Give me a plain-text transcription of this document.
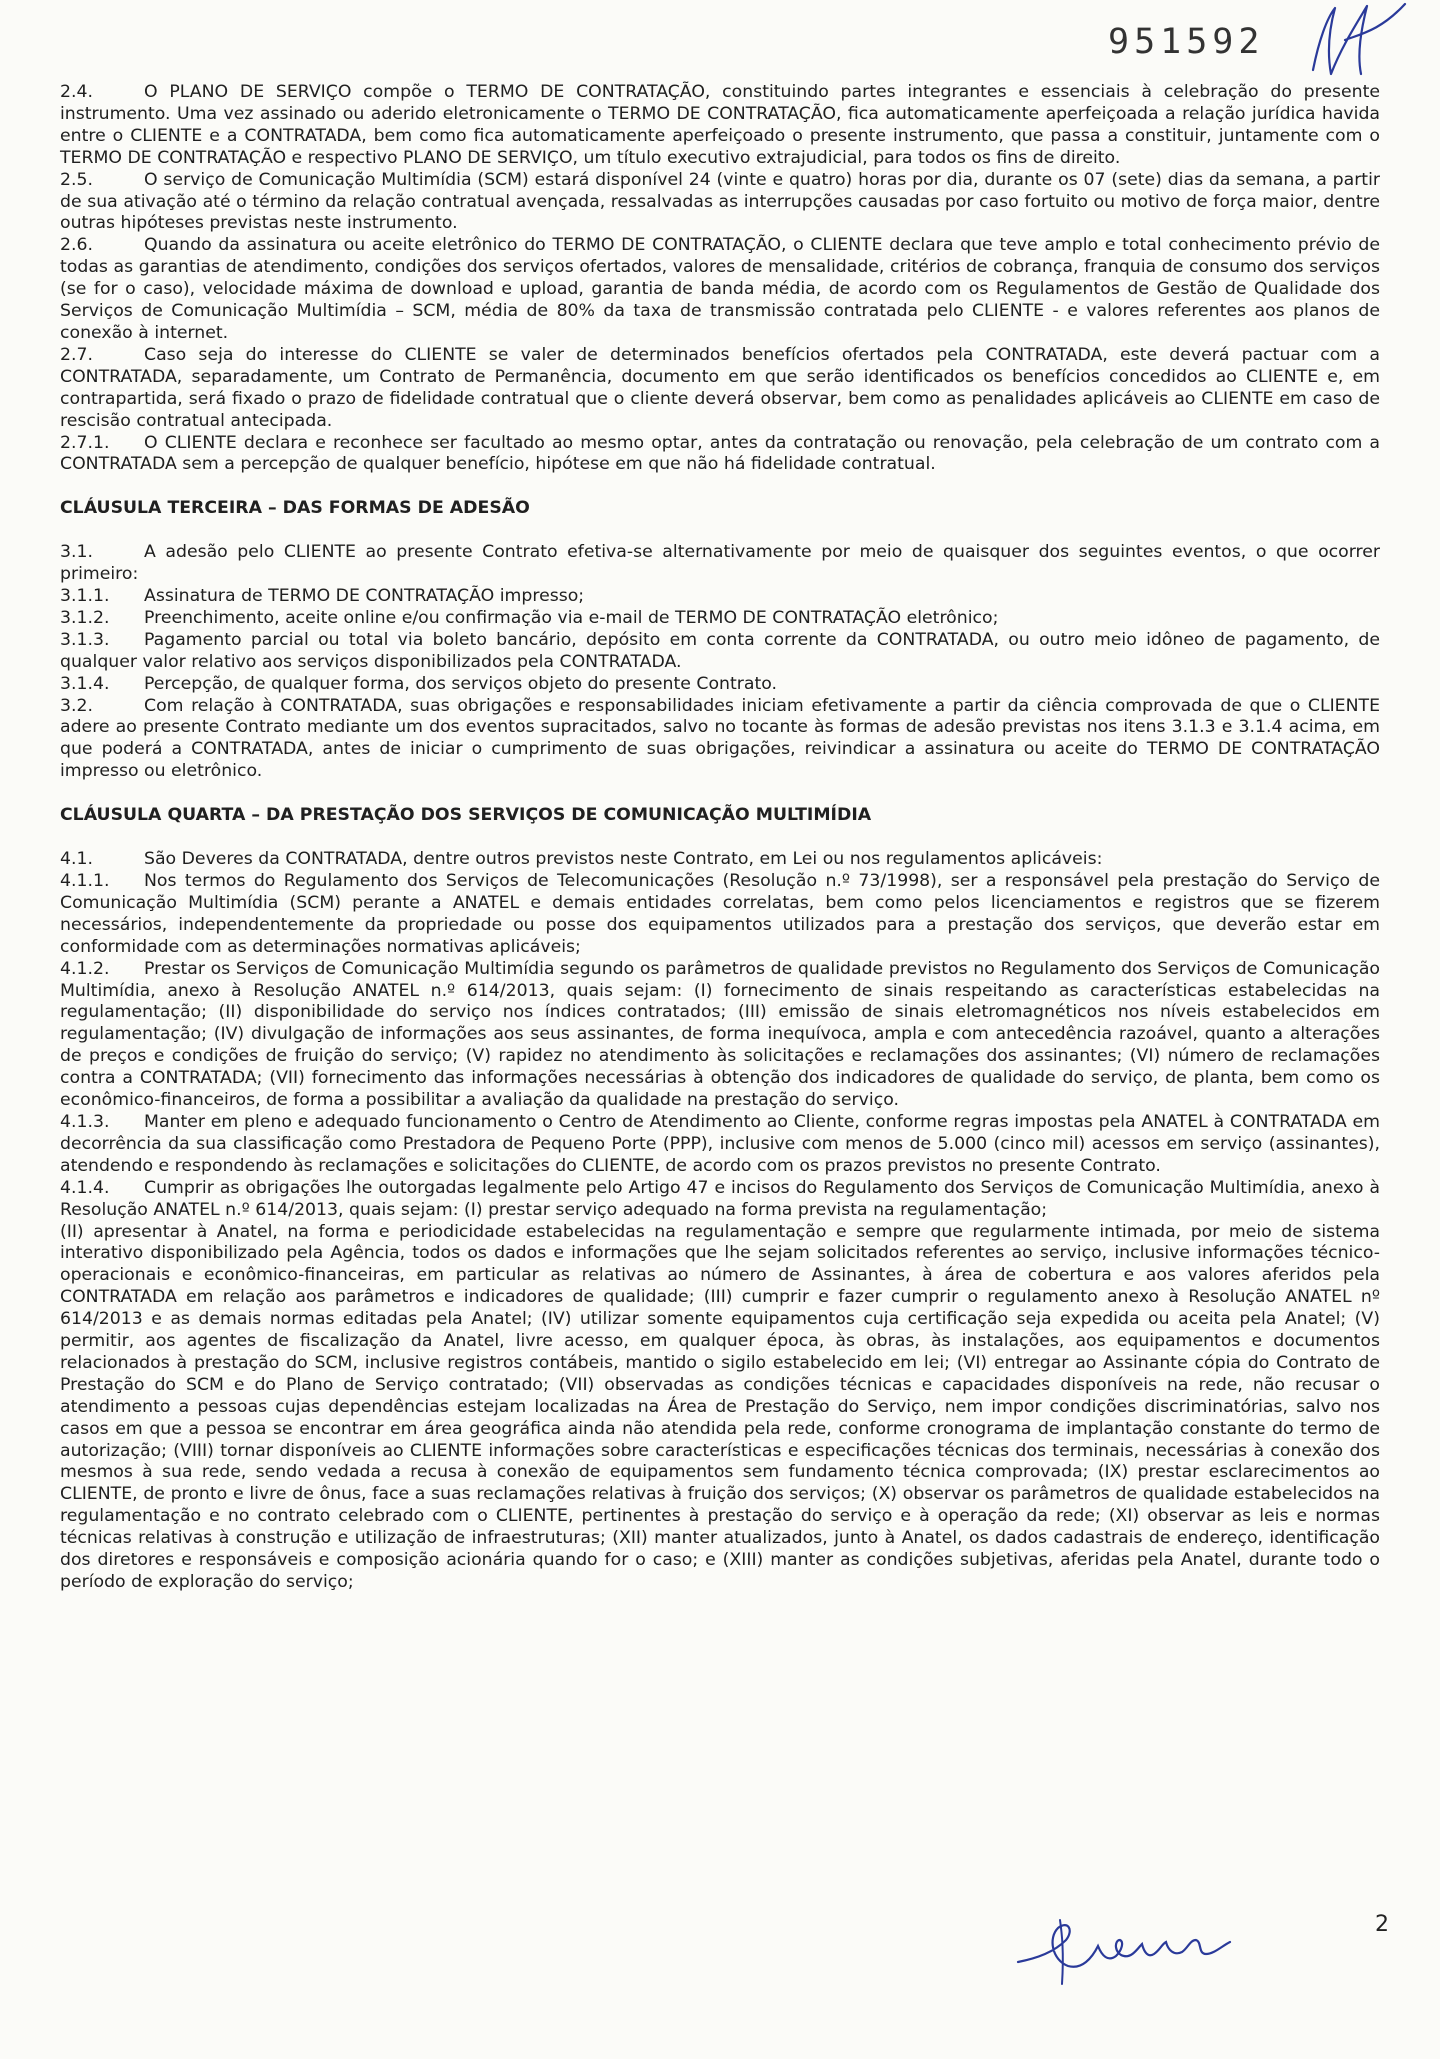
951592

2.4.	O PLANO DE SERVIÇO compõe o TERMO DE CONTRATAÇÃO, constituindo partes integrantes e essenciais à celebração do presente instrumento. Uma vez assinado ou aderido eletronicamente o TERMO DE CONTRATAÇÃO, fica automaticamente aperfeiçoada a relação jurídica havida entre o CLIENTE e a CONTRATADA, bem como fica automaticamente aperfeiçoado o presente instrumento, que passa a constituir, juntamente com o TERMO DE CONTRATAÇÃO e respectivo PLANO DE SERVIÇO, um título executivo extrajudicial, para todos os fins de direito.

2.5.	O serviço de Comunicação Multimídia (SCM) estará disponível 24 (vinte e quatro) horas por dia, durante os 07 (sete) dias da semana, a partir de sua ativação até o término da relação contratual avençada, ressalvadas as interrupções causadas por caso fortuito ou motivo de força maior, dentre outras hipóteses previstas neste instrumento.

2.6.	Quando da assinatura ou aceite eletrônico do TERMO DE CONTRATAÇÃO, o CLIENTE declara que teve amplo e total conhecimento prévio de todas as garantias de atendimento, condições dos serviços ofertados, valores de mensalidade, critérios de cobrança, franquia de consumo dos serviços (se for o caso), velocidade máxima de download e upload, garantia de banda média, de acordo com os Regulamentos de Gestão de Qualidade dos Serviços de Comunicação Multimídia – SCM, média de 80% da taxa de transmissão contratada pelo CLIENTE - e valores referentes aos planos de conexão à internet.

2.7.	Caso seja do interesse do CLIENTE se valer de determinados benefícios ofertados pela CONTRATADA, este deverá pactuar com a CONTRATADA, separadamente, um Contrato de Permanência, documento em que serão identificados os benefícios concedidos ao CLIENTE e, em contrapartida, será fixado o prazo de fidelidade contratual que o cliente deverá observar, bem como as penalidades aplicáveis ao CLIENTE em caso de rescisão contratual antecipada.

2.7.1. O CLIENTE declara e reconhece ser facultado ao mesmo optar, antes da contratação ou renovação, pela celebração de um contrato com a CONTRATADA sem a percepção de qualquer benefício, hipótese em que não há fidelidade contratual.

CLÁUSULA TERCEIRA – DAS FORMAS DE ADESÃO

3.1.	A adesão pelo CLIENTE ao presente Contrato efetiva-se alternativamente por meio de quaisquer dos seguintes eventos, o que ocorrer primeiro:

3.1.1. Assinatura de TERMO DE CONTRATAÇÃO impresso;

3.1.2. Preenchimento, aceite online e/ou confirmação via e-mail de TERMO DE CONTRATAÇÃO eletrônico;

3.1.3. Pagamento parcial ou total via boleto bancário, depósito em conta corrente da CONTRATADA, ou outro meio idôneo de pagamento, de qualquer valor relativo aos serviços disponibilizados pela CONTRATADA.

3.1.4. Percepção, de qualquer forma, dos serviços objeto do presente Contrato.

3.2.	Com relação à CONTRATADA, suas obrigações e responsabilidades iniciam efetivamente a partir da ciência comprovada de que o CLIENTE adere ao presente Contrato mediante um dos eventos supracitados, salvo no tocante às formas de adesão previstas nos itens 3.1.3 e 3.1.4 acima, em que poderá a CONTRATADA, antes de iniciar o cumprimento de suas obrigações, reivindicar a assinatura ou aceite do TERMO DE CONTRATAÇÃO impresso ou eletrônico.

CLÁUSULA QUARTA – DA PRESTAÇÃO DOS SERVIÇOS DE COMUNICAÇÃO MULTIMÍDIA

4.1.	São Deveres da CONTRATADA, dentre outros previstos neste Contrato, em Lei ou nos regulamentos aplicáveis:

4.1.1. Nos termos do Regulamento dos Serviços de Telecomunicações (Resolução n.º 73/1998), ser a responsável pela prestação do Serviço de Comunicação Multimídia (SCM) perante a ANATEL e demais entidades correlatas, bem como pelos licenciamentos e registros que se fizerem necessários, independentemente da propriedade ou posse dos equipamentos utilizados para a prestação dos serviços, que deverão estar em conformidade com as determinações normativas aplicáveis;

4.1.2. Prestar os Serviços de Comunicação Multimídia segundo os parâmetros de qualidade previstos no Regulamento dos Serviços de Comunicação Multimídia, anexo à Resolução ANATEL n.º 614/2013, quais sejam: (I) fornecimento de sinais respeitando as características estabelecidas na regulamentação; (II) disponibilidade do serviço nos índices contratados; (III) emissão de sinais eletromagnéticos nos níveis estabelecidos em regulamentação; (IV) divulgação de informações aos seus assinantes, de forma inequívoca, ampla e com antecedência razoável, quanto a alterações de preços e condições de fruição do serviço; (V) rapidez no atendimento às solicitações e reclamações dos assinantes; (VI) número de reclamações contra a CONTRATADA; (VII) fornecimento das informações necessárias à obtenção dos indicadores de qualidade do serviço, de planta, bem como os econômico-financeiros, de forma a possibilitar a avaliação da qualidade na prestação do serviço.

4.1.3. Manter em pleno e adequado funcionamento o Centro de Atendimento ao Cliente, conforme regras impostas pela ANATEL à CONTRATADA em decorrência da sua classificação como Prestadora de Pequeno Porte (PPP), inclusive com menos de 5.000 (cinco mil) acessos em serviço (assinantes), atendendo e respondendo às reclamações e solicitações do CLIENTE, de acordo com os prazos previstos no presente Contrato.

4.1.4. Cumprir as obrigações lhe outorgadas legalmente pelo Artigo 47 e incisos do Regulamento dos Serviços de Comunicação Multimídia, anexo à Resolução ANATEL n.º 614/2013, quais sejam: (I) prestar serviço adequado na forma prevista na regulamentação;

(II) apresentar à Anatel, na forma e periodicidade estabelecidas na regulamentação e sempre que regularmente intimada, por meio de sistema interativo disponibilizado pela Agência, todos os dados e informações que lhe sejam solicitados referentes ao serviço, inclusive informações técnico-operacionais e econômico-financeiras, em particular as relativas ao número de Assinantes, à área de cobertura e aos valores aferidos pela CONTRATADA em relação aos parâmetros e indicadores de qualidade; (III) cumprir e fazer cumprir o regulamento anexo à Resolução ANATEL nº 614/2013 e as demais normas editadas pela Anatel; (IV) utilizar somente equipamentos cuja certificação seja expedida ou aceita pela Anatel; (V) permitir, aos agentes de fiscalização da Anatel, livre acesso, em qualquer época, às obras, às instalações, aos equipamentos e documentos relacionados à prestação do SCM, inclusive registros contábeis, mantido o sigilo estabelecido em lei; (VI) entregar ao Assinante cópia do Contrato de Prestação do SCM e do Plano de Serviço contratado; (VII) observadas as condições técnicas e capacidades disponíveis na rede, não recusar o atendimento a pessoas cujas dependências estejam localizadas na Área de Prestação do Serviço, nem impor condições discriminatórias, salvo nos casos em que a pessoa se encontrar em área geográfica ainda não atendida pela rede, conforme cronograma de implantação constante do termo de autorização; (VIII) tornar disponíveis ao CLIENTE informações sobre características e especificações técnicas dos terminais, necessárias à conexão dos mesmos à sua rede, sendo vedada a recusa à conexão de equipamentos sem fundamento técnica comprovada; (IX) prestar esclarecimentos ao CLIENTE, de pronto e livre de ônus, face a suas reclamações relativas à fruição dos serviços; (X) observar os parâmetros de qualidade estabelecidos na regulamentação e no contrato celebrado com o CLIENTE, pertinentes à prestação do serviço e à operação da rede; (XI) observar as leis e normas técnicas relativas à construção e utilização de infraestruturas; (XII) manter atualizados, junto à Anatel, os dados cadastrais de endereço, identificação dos diretores e responsáveis e composição acionária quando for o caso; e (XIII) manter as condições subjetivas, aferidas pela Anatel, durante todo o período de exploração do serviço;

2
